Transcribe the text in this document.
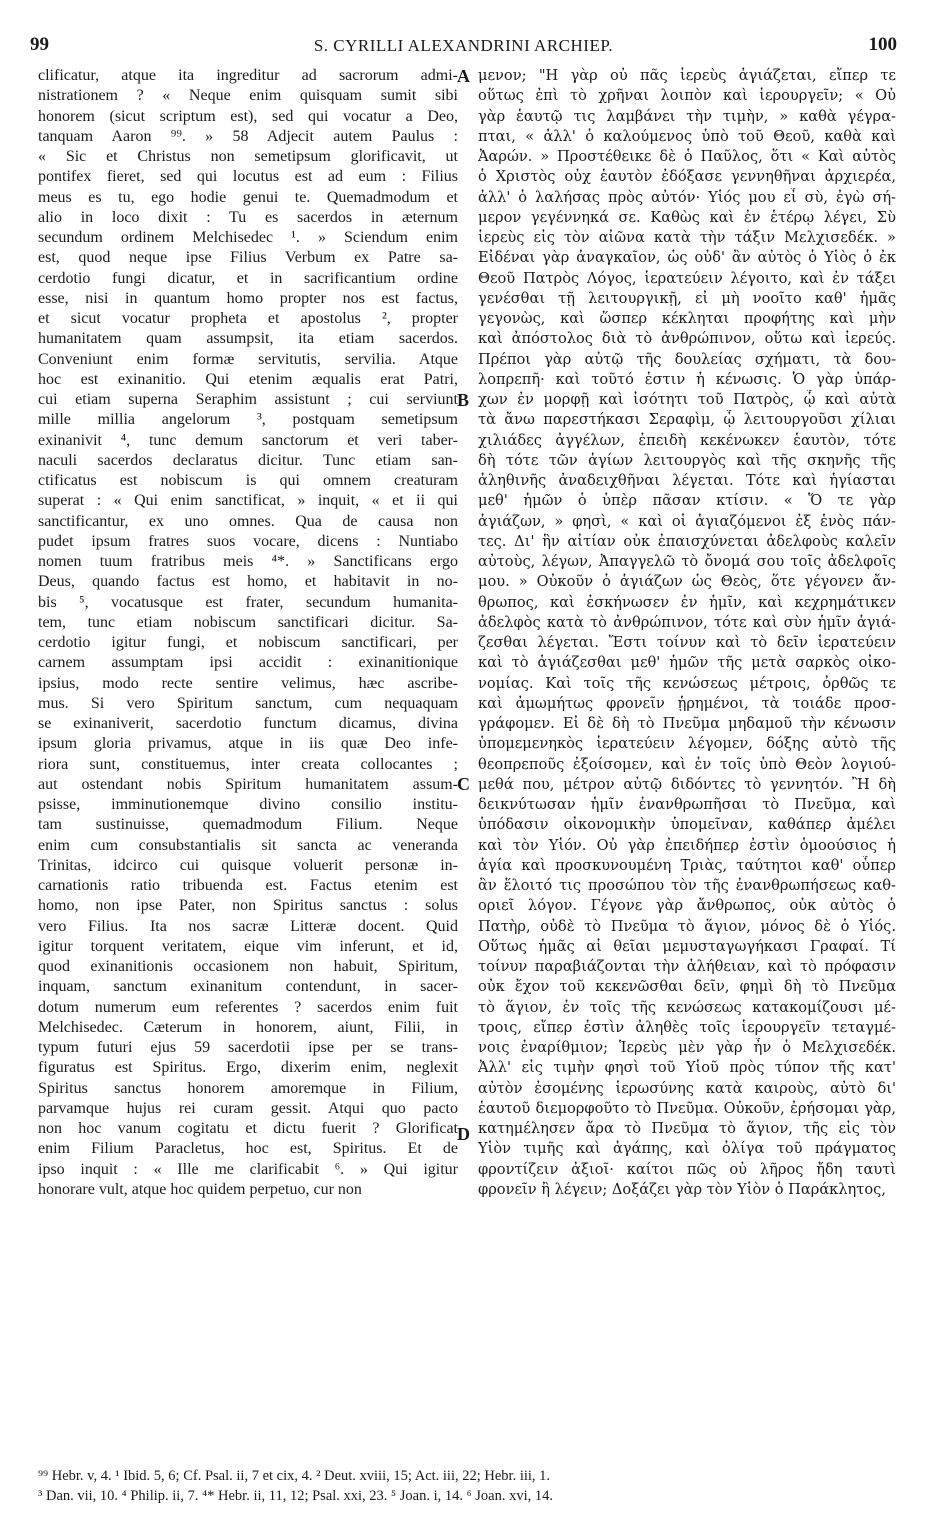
99	S. CYRILLI ALEXANDRINI ARCHIEP.	100
clificatur, atque ita ingreditur ad sacrorum admi-
nistrationem ? « Neque enim quisquam sumit sibi
honorem (sicut scriptum est), sed qui vocatur a Deo,
tanquam Aaron ⁹⁹. » 58 Adjecit autem Paulus :
« Sic et Christus non semetipsum glorificavit, ut
pontifex fieret, sed qui locutus est ad eum : Filius
meus es tu, ego hodie genui te. Quemadmodum et
alio in loco dixit : Tu es sacerdos in æternum
secundum ordinem Melchisedec ¹. » Sciendum enim
est, quod neque ipse Filius Verbum ex Patre sa-
cerdotio fungi dicatur, et in sacrificantium ordine
esse, nisi in quantum homo propter nos est factus,
et sicut vocatur propheta et apostolus ², propter
humanitatem quam assumpsit, ita etiam sacerdos.
Conveniunt enim formæ servitutis, servilia. Atque
hoc est exinanitio. Qui etenim æqualis erat Patri,
cui etiam superna Seraphim assistunt ; cui serviunt
mille millia angelorum ³, postquam semetipsum
exinanivit ⁴, tunc demum sanctorum et veri taber-
naculi sacerdos declaratus dicitur. Tunc etiam san-
ctificatus est nobiscum is qui omnem creaturam
superat : « Qui enim sanctificat, » inquit, « et ii qui
sanctificantur, ex uno omnes. Qua de causa non
pudet ipsum fratres suos vocare, dicens : Nuntiabo
nomen tuum fratribus meis ⁴*. » Sanctificans ergo
Deus, quando factus est homo, et habitavit in no-
bis ⁵, vocatusque est frater, secundum humanita-
tem, tunc etiam nobiscum sanctificari dicitur. Sa-
cerdotio igitur fungi, et nobiscum sanctificari, per
carnem assumptam ipsi accidit : exinanitionique
ipsius, modo recte sentire velimus, hæc ascribe-
mus. Si vero Spiritum sanctum, cum nequaquam
se exinaniverit, sacerdotio functum dicamus, divina
ipsum gloria privamus, atque in iis quæ Deo infe-
riora sunt, constituemus, inter creata collocantes ;
aut ostendant nobis Spiritum humanitatem assum-
psisse, imminutionemque divino consilio institu-
tam sustinuisse, quemadmodum Filium. Neque
enim cum consubstantialis sit sancta ac veneranda
Trinitas, idcirco cui quisque voluerit personæ in-
carnationis ratio tribuenda est. Factus etenim est
homo, non ipse Pater, non Spiritus sanctus : solus
vero Filius. Ita nos sacræ Litteræ docent. Quid
igitur torquent veritatem, eique vim inferunt, et id,
quod exinanitionis occasionem non habuit, Spiritum,
inquam, sanctum exinanitum contendunt, in sacer-
dotum numerum eum referentes ? sacerdos enim fuit
Melchisedec. Cæterum in honorem, aiunt, Filii, in
typum futuri ejus 59 sacerdotii ipse per se trans-
figuratus est Spiritus. Ergo, dixerim enim, neglexit
Spiritus sanctus honorem amoremque in Filium,
parvamque hujus rei curam gessit. Atqui quo pacto
non hoc vanum cogitatu et dictu fuerit ? Glorificat
enim Filium Paracletus, hoc est, Spiritus. Et de
ipso inquit : « Ille me clarificabit ⁶. » Qui igitur
honorare vult, atque hoc quidem perpetuo, cur non
μενον; "Η γὰρ οὐ πᾶς ἱερεὺς ἁγιάζεται, εἴπερ τε
οὕτως ἐπὶ τὸ χρῆναι λοιπὸν καὶ ἱερουργεῖν; « Οὐ
γὰρ ἑαυτῷ τις λαμβάνει τὴν τιμὴν, » καθὰ γέγρα-
πται, « ἀλλ' ὁ καλούμενος ὑπὸ τοῦ Θεοῦ, καθὰ καὶ
Ἀαρών. » Προστέθεικε δὲ ὁ Παῦλος, ὅτι « Καὶ αὐτὸς
ὁ Χριστὸς οὐχ ἑαυτὸν ἐδόξασε γεννηθῆναι ἀρχιερέα,
ἀλλ' ὁ λαλήσας πρὸς αὐτόν· Υἱός μου εἶ σὺ, ἐγὼ σή-
μερον γεγέννηκά σε. Καθὼς καὶ ἐν ἑτέρῳ λέγει, Σὺ
ἱερεὺς εἰς τὸν αἰῶνα κατὰ τὴν τάξιν Μελχισεδέκ. »
Εἰδέναι γὰρ ἀναγκαῖον, ὡς οὐδ' ἂν αὐτὸς ὁ Υἱὸς ὁ ἐκ
Θεοῦ Πατρὸς Λόγος, ἱερατεύειν λέγοιτο, καὶ ἐν τάξει
γενέσθαι τῇ λειτουργικῇ, εἰ μὴ νοοῖτο καθ' ἡμᾶς
γεγονὼς, καὶ ὥσπερ κέκληται προφήτης καὶ μὴν
καὶ ἀπόστολος διὰ τὸ ἀνθρώπινον, οὕτω καὶ ἱερεύς.
Πρέποι γὰρ αὐτῷ τῆς δουλείας σχήματι, τὰ δου-
λοπρεπῆ· καὶ τοῦτό ἐστιν ἡ κένωσις. Ὁ γὰρ ὑπάρ-
χων ἐν μορφῇ καὶ ἰσότητι τοῦ Πατρὸς, ᾧ καὶ αὐτὰ
τὰ ἄνω παρεστήκασι Σεραφὶμ, ᾧ λειτουργοῦσι χίλιαι
χιλιάδες ἀγγέλων, ἐπειδὴ κεκένωκεν ἑαυτὸν, τότε
δὴ τότε τῶν ἁγίων λειτουργὸς καὶ τῆς σκηνῆς τῆς
ἀληθινῆς ἀναδειχθῆναι λέγεται. Τότε καὶ ἡγίασται
μεθ' ἡμῶν ὁ ὑπὲρ πᾶσαν κτίσιν. « Ὅ τε γὰρ
ἁγιάζων, » φησὶ, « καὶ οἱ ἁγιαζόμενοι ἐξ ἑνὸς πάν-
τες. Δι' ἣν αἰτίαν οὐκ ἐπαισχύνεται ἀδελφοὺς καλεῖν
αὐτοὺς, λέγων, Ἀπαγγελῶ τὸ ὄνομά σου τοῖς ἀδελφοῖς
μου. » Οὐκοῦν ὁ ἁγιάζων ὡς Θεὸς, ὅτε γέγονεν ἄν-
θρωπος, καὶ ἐσκήνωσεν ἐν ἡμῖν, καὶ κεχρημάτικεν
ἀδελφὸς κατὰ τὸ ἀνθρώπινον, τότε καὶ σὺν ἡμῖν ἁγιά-
ζεσθαι λέγεται. Ἔστι τοίνυν καὶ τὸ δεῖν ἱερατεύειν
καὶ τὸ ἁγιάζεσθαι μεθ' ἡμῶν τῆς μετὰ σαρκὸς οἰκο-
νομίας. Καὶ τοῖς τῆς κενώσεως μέτροις, ὀρθῶς τε
καὶ ἀμωμήτως φρονεῖν ᾑρημένοι, τὰ τοιάδε προσ-
γράφομεν. Εἰ δὲ δὴ τὸ Πνεῦμα μηδαμοῦ τὴν κένωσιν
ὑπομεμενηκὸς ἱερατεύειν λέγομεν, δόξης αὐτὸ τῆς
θεοπρεποῦς ἐξοίσομεν, καὶ ἐν τοῖς ὑπὸ Θεὸν λογιού-
μεθά που, μέτρον αὐτῷ διδόντες τὸ γεννητόν. Ἢ δὴ
δεικνύτωσαν ἡμῖν ἐνανθρωπῆσαι τὸ Πνεῦμα, καὶ
ὑπόδασιν οἰκονομικὴν ὑπομεῖναν, καθάπερ ἀμέλει
καὶ τὸν Υἱόν. Οὐ γὰρ ἐπειδήπερ ἐστὶν ὁμοούσιος ἡ
ἁγία καὶ προσκυνουμένη Τριὰς, ταύτητοι καθ' οὗπερ
ἂν ἕλοιτό τις προσώπου τὸν τῆς ἐνανθρωπήσεως καθ-
οριεῖ λόγον. Γέγονε γὰρ ἄνθρωπος, οὐκ αὐτὸς ὁ
Πατὴρ, οὐδὲ τὸ Πνεῦμα τὸ ἅγιον, μόνος δὲ ὁ Υἱός.
Οὕτως ἡμᾶς αἱ θεῖαι μεμυσταγωγήκασι Γραφαί. Τί
τοίνυν παραβιάζονται τὴν ἀλήθειαν, καὶ τὸ πρόφασιν
οὐκ ἔχον τοῦ κεκενῶσθαι δεῖν, φημὶ δὴ τὸ Πνεῦμα
τὸ ἅγιον, ἐν τοῖς τῆς κενώσεως κατακομίζουσι μέ-
τροις, εἴπερ ἐστὶν ἀληθὲς τοῖς ἱερουργεῖν τεταγμέ-
νοις ἐναρίθμιον; Ἱερεὺς μὲν γὰρ ἦν ὁ Μελχισεδέκ.
Ἀλλ' εἰς τιμὴν φησὶ τοῦ Υἱοῦ πρὸς τύπον τῆς κατ'
αὐτὸν ἐσομένης ἱερωσύνης κατὰ καιροὺς, αὐτὸ δι'
ἑαυτοῦ διεμορφοῦτο τὸ Πνεῦμα. Οὐκοῦν, ἐρήσομαι γὰρ,
κατημέλησεν ἄρα τὸ Πνεῦμα τὸ ἅγιον, τῆς εἰς τὸν
Υἱὸν τιμῆς καὶ ἀγάπης, καὶ ὀλίγα τοῦ πράγματος
φροντίζειν ἀξιοῖ· καίτοι πῶς οὐ λῆρος ἤδη ταυτὶ
φρονεῖν ἢ λέγειν; Δοξάζει γὰρ τὸν Υἱὸν ὁ Παράκλητος,
A
B
C
D
⁹⁹ Hebr. v, 4. ¹ Ibid. 5, 6; Cf. Psal. ii, 7 et cix, 4. ² Deut. xviii, 15; Act. iii, 22; Hebr. iii, 1.
³ Dan. vii, 10. ⁴ Philip. ii, 7. ⁴* Hebr. ii, 11, 12; Psal. xxi, 23. ⁵ Joan. i, 14. ⁶ Joan. xvi, 14.
